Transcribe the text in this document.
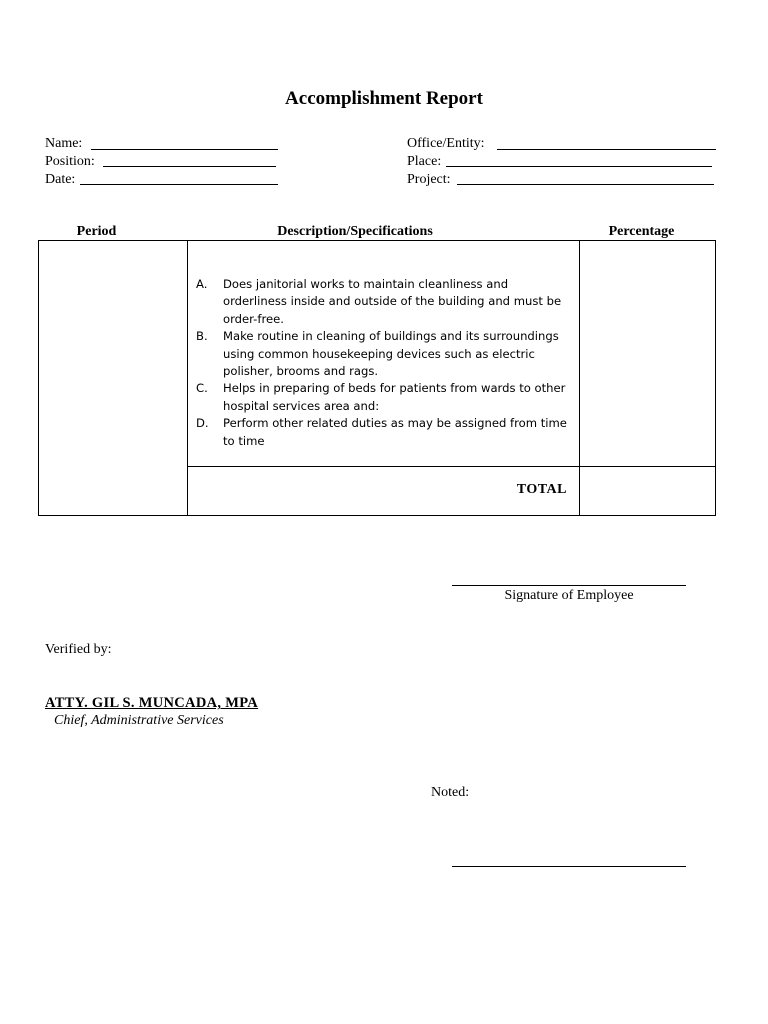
Accomplishment Report
Name:
Position:
Date:
Office/Entity:
Place:
Project:
Period	Description/Specifications	Percentage
A. Does janitorial works to maintain cleanliness and orderliness inside and outside of the building and must be order-free.
B. Make routine in cleaning of buildings and its surroundings using common housekeeping devices such as electric polisher, brooms and rags.
C. Helps in preparing of beds for patients from wards to other hospital services area and:
D. Perform other related duties as may be assigned from time to time
TOTAL
Signature of Employee
Verified by:
ATTY. GIL S. MUNCADA, MPA
Chief, Administrative Services
Noted:
